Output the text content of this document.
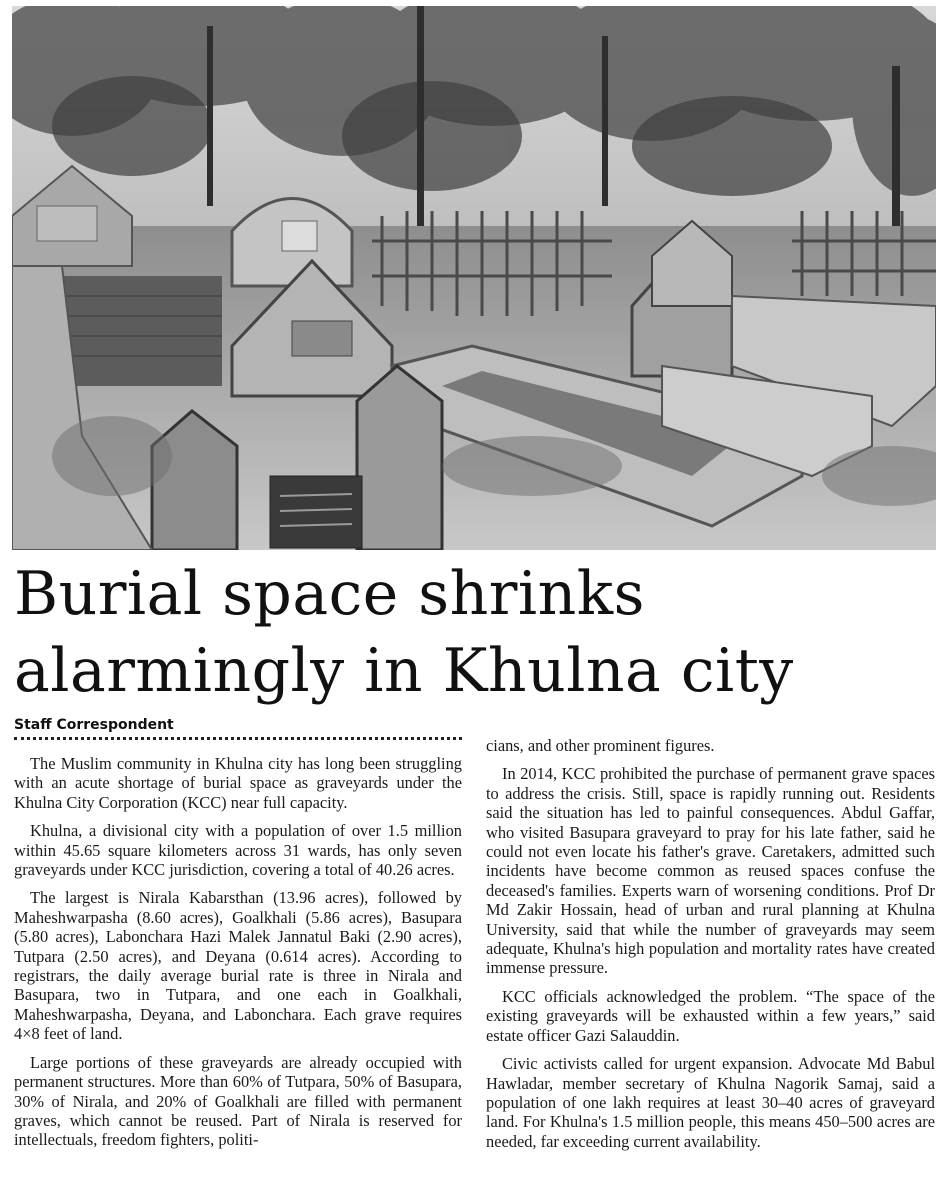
Burial space shrinks
alarmingly in Khulna city
Staff Correspondent

The Muslim community in Khulna city has long been struggling with an acute shortage of burial space as graveyards under the Khulna City Corporation (KCC) near full capacity.

Khulna, a divisional city with a population of over 1.5 million within 45.65 square kilometers across 31 wards, has only seven graveyards under KCC jurisdiction, covering a total of 40.26 acres.

The largest is Nirala Kabarsthan (13.96 acres), followed by Maheshwarpasha (8.60 acres), Goalkhali (5.86 acres), Basupara (5.80 acres), Labonchara Hazi Malek Jannatul Baki (2.90 acres), Tutpara (2.50 acres), and Deyana (0.614 acres). According to registrars, the daily average burial rate is three in Nirala and Basupara, two in Tutpara, and one each in Goalkhali, Maheshwarpasha, Deyana, and Labonchara. Each grave requires 4×8 feet of land.

Large portions of these graveyards are already occupied with permanent structures. More than 60% of Tutpara, 50% of Basupara, 30% of Nirala, and 20% of Goalkhali are filled with permanent graves, which cannot be reused. Part of Nirala is reserved for intellectuals, freedom fighters, politi-

cians, and other prominent figures.

In 2014, KCC prohibited the purchase of permanent grave spaces to address the crisis. Still, space is rapidly running out. Residents said the situation has led to painful consequences. Abdul Gaffar, who visited Basupara graveyard to pray for his late father, said he could not even locate his father's grave. Caretakers, admitted such incidents have become common as reused spaces confuse the deceased's families. Experts warn of worsening conditions. Prof Dr Md Zakir Hossain, head of urban and rural planning at Khulna University, said that while the number of graveyards may seem adequate, Khulna's high population and mortality rates have created immense pressure.

KCC officials acknowledged the problem. “The space of the existing graveyards will be exhausted within a few years,” said estate officer Gazi Salauddin.

Civic activists called for urgent expansion. Advocate Md Babul Hawladar, member secretary of Khulna Nagorik Samaj, said a population of one lakh requires at least 30–40 acres of graveyard land. For Khulna's 1.5 million people, this means 450–500 acres are needed, far exceeding current availability.
